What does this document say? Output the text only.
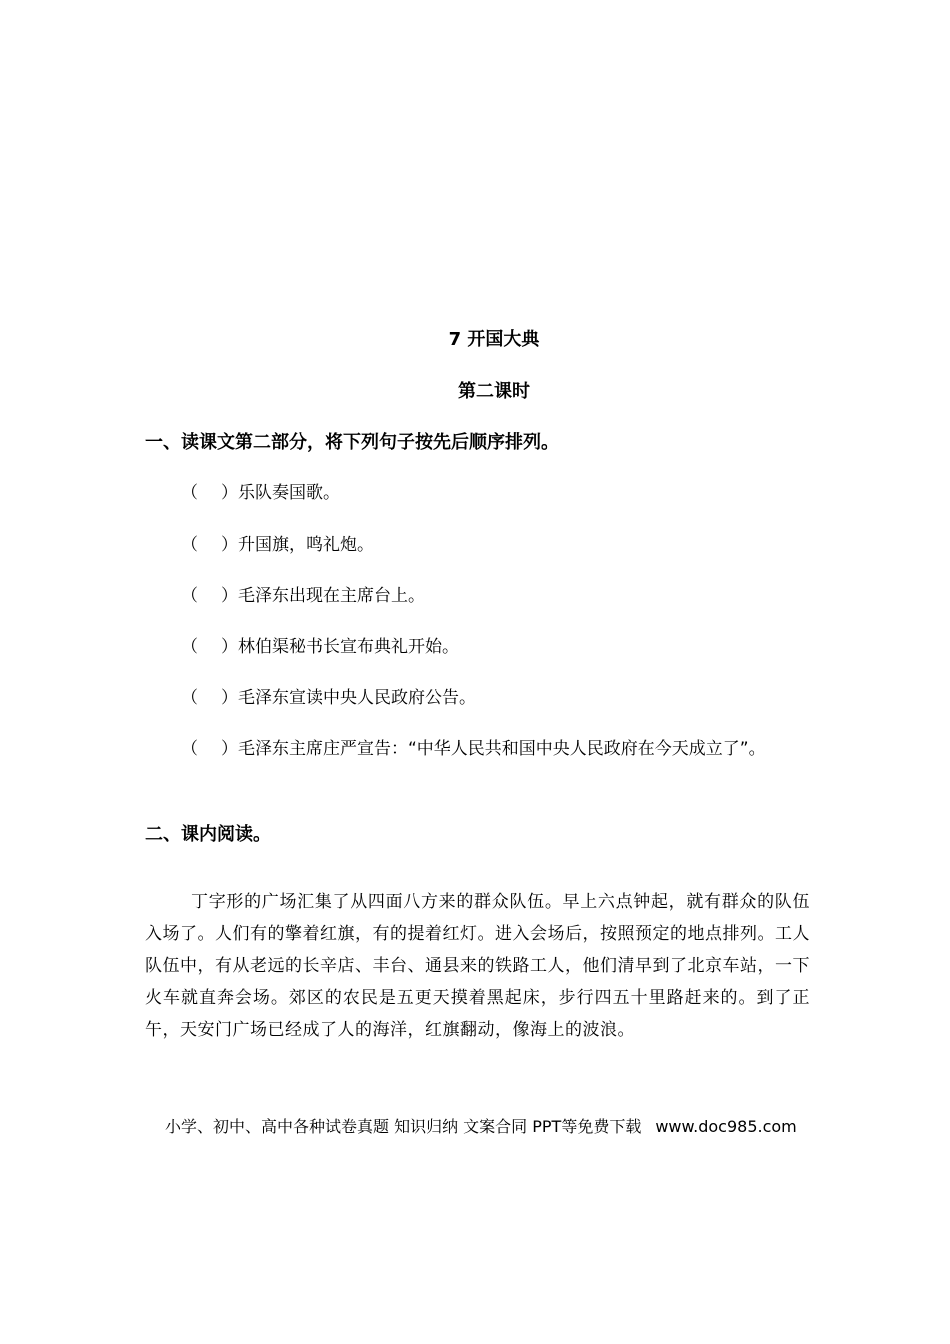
7 开国大典
第二课时
一、读课文第二部分，将下列句子按先后顺序排列。
（ ）乐队奏国歌。
（ ）升国旗，鸣礼炮。
（ ）毛泽东出现在主席台上。
（ ）林伯渠秘书长宣布典礼开始。
（ ）毛泽东宣读中央人民政府公告。
（ ）毛泽东主席庄严宣告：“中华人民共和国中央人民政府在今天成立了”。
二、课内阅读。

丁字形的广场汇集了从四面八方来的群众队伍。早上六点钟起，就有群众的队伍入场了。人们有的擎着红旗，有的提着红灯。进入会场后，按照预定的地点排列。工人队伍中，有从老远的长辛店、丰台、通县来的铁路工人，他们清早到了北京车站，一下火车就直奔会场。郊区的农民是五更天摸着黑起床，步行四五十里路赶来的。到了正午，天安门广场已经成了人的海洋，红旗翻动，像海上的波浪。

小学、初中、高中各种试卷真题 知识归纳 文案合同 PPT等免费下载 www.doc985.com
